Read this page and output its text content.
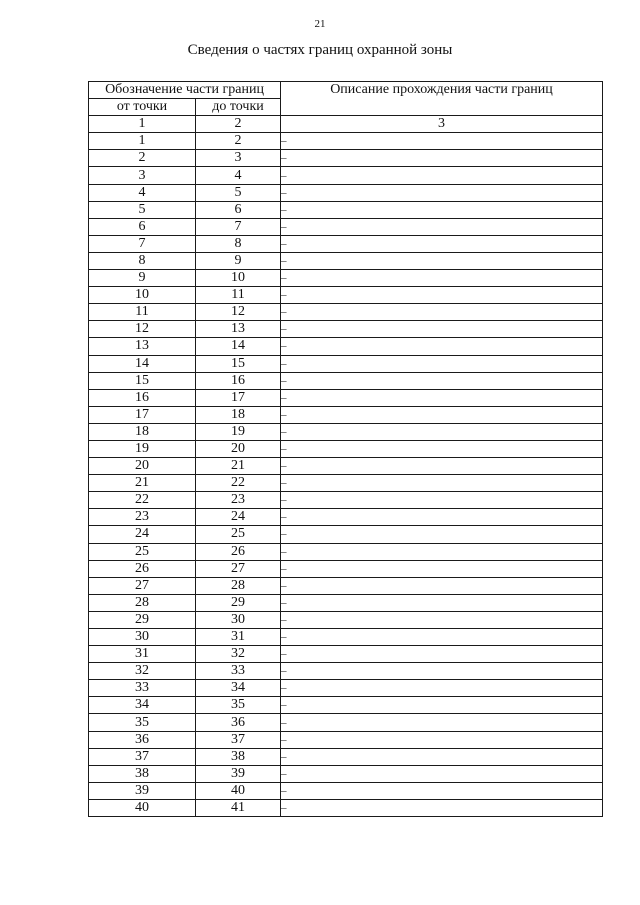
21
Сведения о частях границ охранной зоны
Обозначение части границ		Описание прохождения части границ
от точки	до точки	
1	2	3
1	2	–
2	3	–
3	4	–
4	5	–
5	6	–
6	7	–
7	8	–
8	9	–
9	10	–
10	11	–
11	12	–
12	13	–
13	14	–
14	15	–
15	16	–
16	17	–
17	18	–
18	19	–
19	20	–
20	21	–
21	22	–
22	23	–
23	24	–
24	25	–
25	26	–
26	27	–
27	28	–
28	29	–
29	30	–
30	31	–
31	32	–
32	33	–
33	34	–
34	35	–
35	36	–
36	37	–
37	38	–
38	39	–
39	40	–
40	41	–
